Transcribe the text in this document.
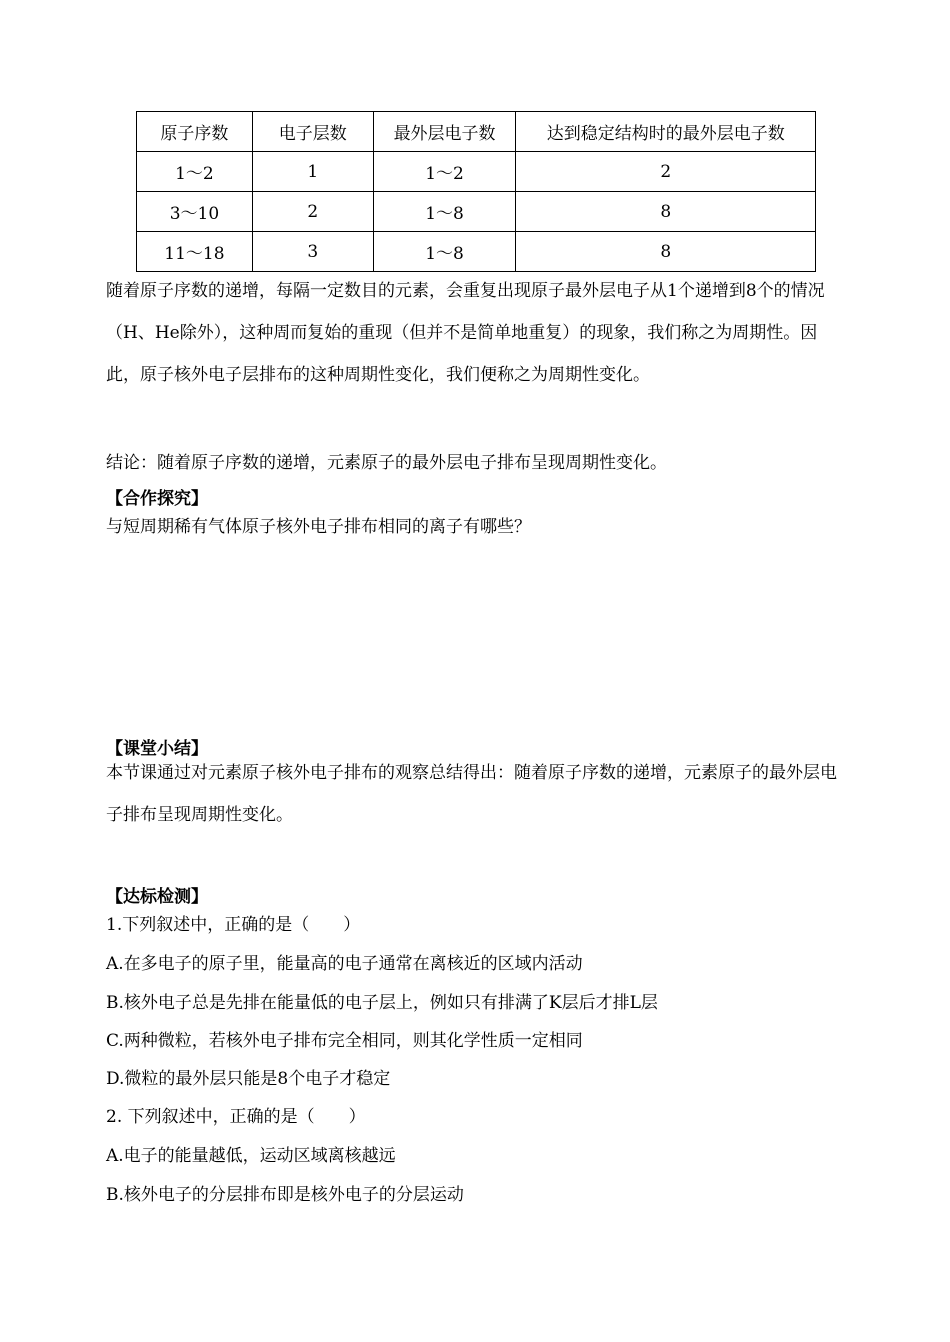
原子序数	电子层数	最外层电子数	达到稳定结构时的最外层电子数
1～2	1	1～2	2
3～10	2	1～8	8
11～18	3	1～8	8

随着原子序数的递增，每隔一定数目的元素，会重复出现原子最外层电子从1个递增到8个的情况（H、He除外），这种周而复始的重现（但并不是简单地重复）的现象，我们称之为周期性。因此，原子核外电子层排布的这种周期性变化，我们便称之为周期性变化。

结论：随着原子序数的递增，元素原子的最外层电子排布呈现周期性变化。

【合作探究】

与短周期稀有气体原子核外电子排布相同的离子有哪些？

【课堂小结】

本节课通过对元素原子核外电子排布的观察总结得出：随着原子序数的递增，元素原子的最外层电子排布呈现周期性变化。

【达标检测】

1.下列叙述中，正确的是（　　）

A.在多电子的原子里，能量高的电子通常在离核近的区域内活动

B.核外电子总是先排在能量低的电子层上，例如只有排满了K层后才排L层

C.两种微粒，若核外电子排布完全相同，则其化学性质一定相同

D.微粒的最外层只能是8个电子才稳定

2. 下列叙述中，正确的是（　　）

A.电子的能量越低，运动区域离核越远

B.核外电子的分层排布即是核外电子的分层运动
